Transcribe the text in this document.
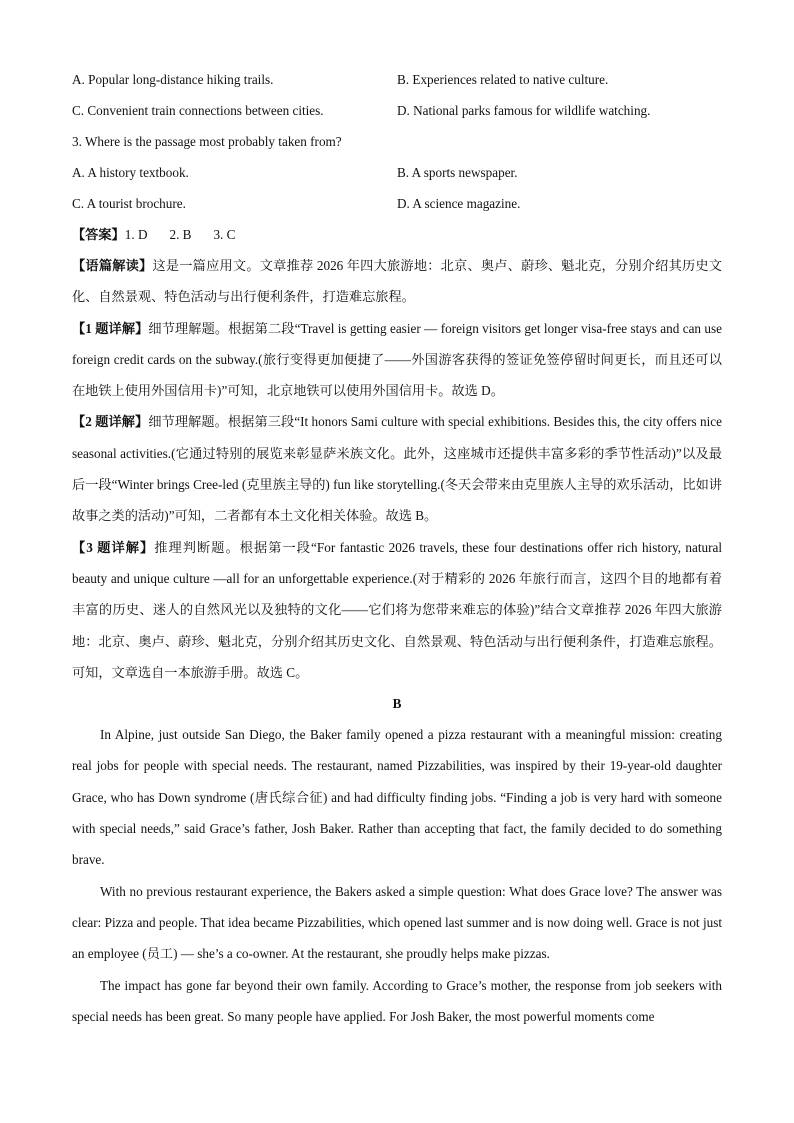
A. Popular long-distance hiking trails.	B. Experiences related to native culture.
C. Convenient train connections between cities.	D. National parks famous for wildlife watching.
3. Where is the passage most probably taken from?
A. A history textbook.	B. A sports newspaper.
C. A tourist brochure.	D. A science magazine.
【答案】1. D 2. B 3. C

【语篇解读】这是一篇应用文。文章推荐 2026 年四大旅游地：北京、奥卢、蔚珍、魁北克，分别介绍其历史文化、自然景观、特色活动与出行便利条件，打造难忘旅程。

【1 题详解】细节理解题。根据第二段“Travel is getting easier — foreign visitors get longer visa-free stays and can use foreign credit cards on the subway.(旅行变得更加便捷了——外国游客获得的签证免签停留时间更长，而且还可以在地铁上使用外国信用卡)”可知，北京地铁可以使用外国信用卡。故选 D。

【2 题详解】细节理解题。根据第三段“It honors Sami culture with special exhibitions. Besides this, the city offers nice seasonal activities.(它通过特别的展览来彰显萨米族文化。此外，这座城市还提供丰富多彩的季节性活动)”以及最后一段“Winter brings Cree-led (克里族主导的) fun like storytelling.(冬天会带来由克里族人主导的欢乐活动，比如讲故事之类的活动)”可知，二者都有本土文化相关体验。故选 B。

【3 题详解】推理判断题。根据第一段“For fantastic 2026 travels, these four destinations offer rich history, natural beauty and unique culture —all for an unforgettable experience.(对于精彩的 2026 年旅行而言，这四个目的地都有着丰富的历史、迷人的自然风光以及独特的文化——它们将为您带来难忘的体验)”结合文章推荐 2026 年四大旅游地：北京、奥卢、蔚珍、魁北克，分别介绍其历史文化、自然景观、特色活动与出行便利条件，打造难忘旅程。可知，文章选自一本旅游手册。故选 C。

B

In Alpine, just outside San Diego, the Baker family opened a pizza restaurant with a meaningful mission: creating real jobs for people with special needs. The restaurant, named Pizzabilities, was inspired by their 19-year-old daughter Grace, who has Down syndrome (唐氏综合征) and had difficulty finding jobs. “Finding a job is very hard with someone with special needs,” said Grace’s father, Josh Baker. Rather than accepting that fact, the family decided to do something brave.

With no previous restaurant experience, the Bakers asked a simple question: What does Grace love? The answer was clear: Pizza and people. That idea became Pizzabilities, which opened last summer and is now doing well. Grace is not just an employee (员工) — she’s a co-owner. At the restaurant, she proudly helps make pizzas.

The impact has gone far beyond their own family. According to Grace’s mother, the response from job seekers with special needs has been great. So many people have applied. For Josh Baker, the most powerful moments come
